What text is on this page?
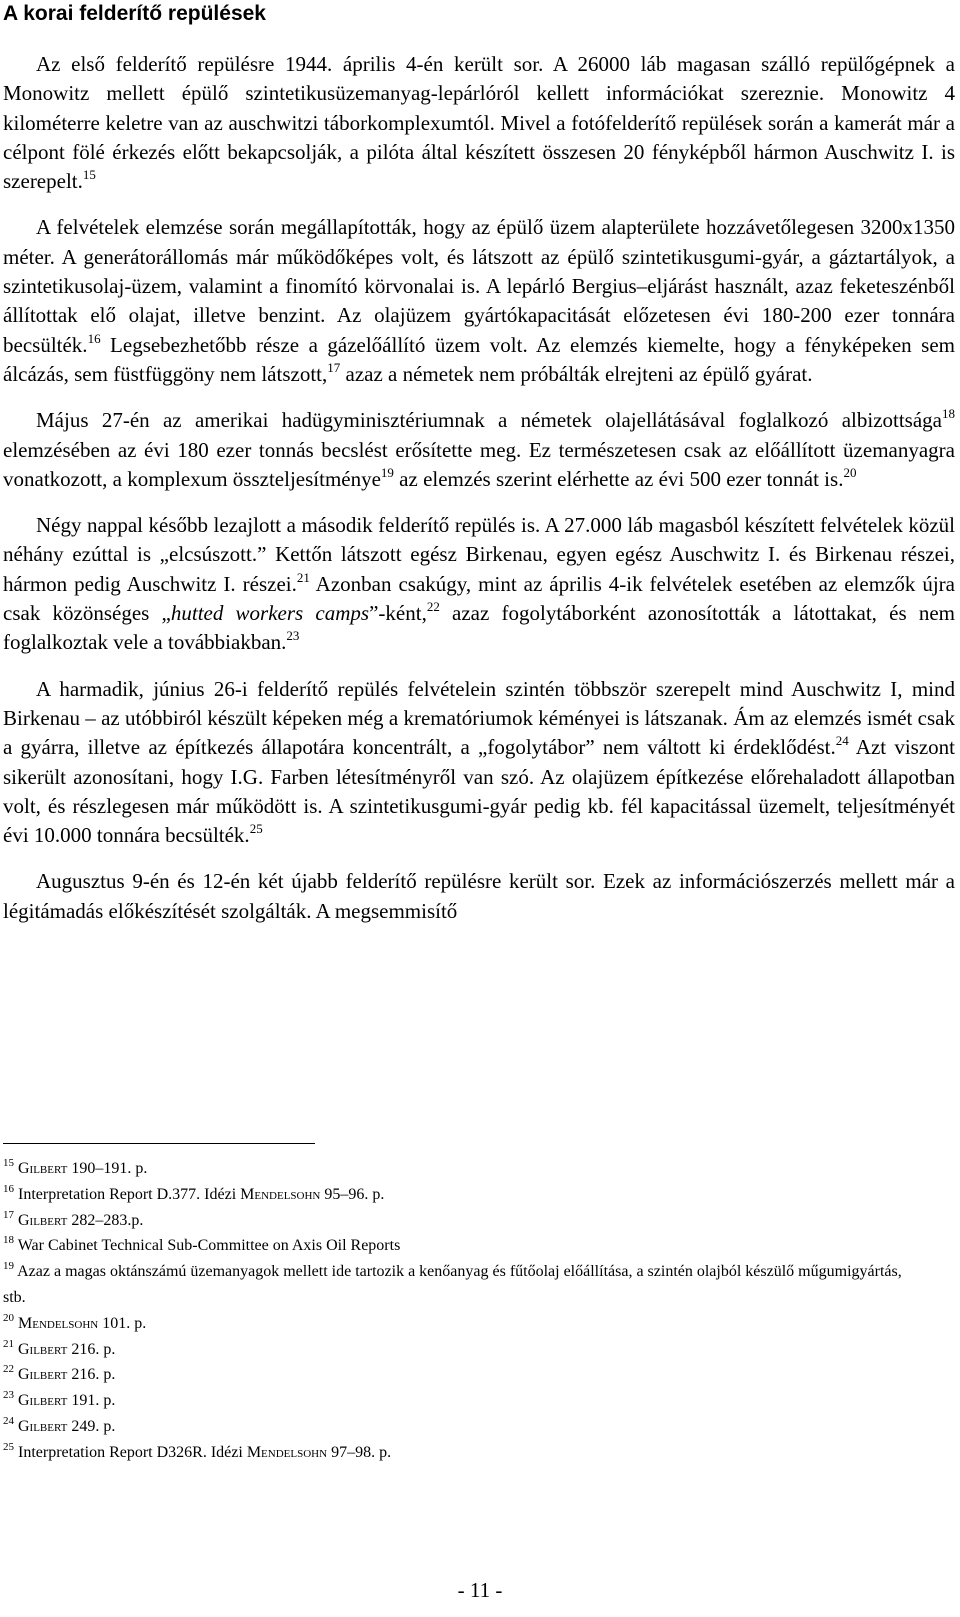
A korai felderítő repülések

Az első felderítő repülésre 1944. április 4-én került sor. A 26000 láb magasan szálló repülőgépnek a Monowitz mellett épülő szintetikusüzemanyag-lepárlóról kellett információkat szereznie. Monowitz 4 kilométerre keletre van az auschwitzi táborkomplexumtól. Mivel a fotófelderítő repülések során a kamerát már a célpont fölé érkezés előtt bekapcsolják, a pilóta által készített összesen 20 fényképből hármon Auschwitz I. is szerepelt.$^{15}$

A felvételek elemzése során megállapították, hogy az épülő üzem alapterülete hozzávetőlegesen 3200x1350 méter. A generátorállomás már működőképes volt, és látszott az épülő szintetikusgumi-gyár, a gáztartályok, a szintetikusolaj-üzem, valamint a finomító körvonalai is. A lepárló Bergius–eljárást használt, azaz feketeszénből állítottak elő olajat, illetve benzint. Az olajüzem gyártókapacitását előzetesen évi 180-200 ezer tonnára becsülték.$^{16}$ Legsebezhetőbb része a gázelőállító üzem volt. Az elemzés kiemelte, hogy a fényképeken sem álcázás, sem füstfüggöny nem látszott,$^{17}$ azaz a németek nem próbálták elrejteni az épülő gyárat.

Május 27-én az amerikai hadügyminisztériumnak a németek olajellátásával foglalkozó albizottsága$^{18}$ elemzésében az évi 180 ezer tonnás becslést erősítette meg. Ez természetesen csak az előállított üzemanyagra vonatkozott, a komplexum összteljesítménye$^{19}$ az elemzés szerint elérhette az évi 500 ezer tonnát is.$^{20}$

Négy nappal később lezajlott a második felderítő repülés is. A 27.000 láb magasból készített felvételek közül néhány ezúttal is „elcsúszott.” Kettőn látszott egész Birkenau, egyen egész Auschwitz I. és Birkenau részei, hármon pedig Auschwitz I. részei.$^{21}$ Azonban csakúgy, mint az április 4-ik felvételek esetében az elemzők újra csak közönséges „hutted workers camps”-ként,$^{22}$ azaz fogolytáborként azonosították a látottakat, és nem foglalkoztak vele a továbbiakban.$^{23}$

A harmadik, június 26-i felderítő repülés felvételein szintén többször szerepelt mind Auschwitz I, mind Birkenau – az utóbbiról készült képeken még a krematóriumok kéményei is látszanak. Ám az elemzés ismét csak a gyárra, illetve az építkezés állapotára koncentrált, a „fogolytábor” nem váltott ki érdeklődést.$^{24}$ Azt viszont sikerült azonosítani, hogy I.G. Farben létesítményről van szó. Az olajüzem építkezése előrehaladott állapotban volt, és részlegesen már működött is. A szintetikusgumi-gyár pedig kb. fél kapacitással üzemelt, teljesítményét évi 10.000 tonnára becsülték.$^{25}$

Augusztus 9-én és 12-én két újabb felderítő repülésre került sor. Ezek az információszerzés mellett már a légitámadás előkészítését szolgálták. A megsemmisítő

$^{15}$ Gilbert 190–191. p.
$^{16}$ Interpretation Report D.377. Idézi Mendelsohn 95–96. p.
$^{17}$ Gilbert 282–283.p.
$^{18}$ War Cabinet Technical Sub-Committee on Axis Oil Reports
$^{19}$ Azaz a magas oktánszámú üzemanyagok mellett ide tartozik a kenőanyag és fűtőolaj előállítása, a szintén olajból készülő műgumigyártás, stb.
$^{20}$ Mendelsohn 101. p.
$^{21}$ Gilbert 216. p.
$^{22}$ Gilbert 216. p.
$^{23}$ Gilbert 191. p.
$^{24}$ Gilbert 249. p.
$^{25}$ Interpretation Report D326R. Idézi Mendelsohn 97–98. p.
- 11 -
